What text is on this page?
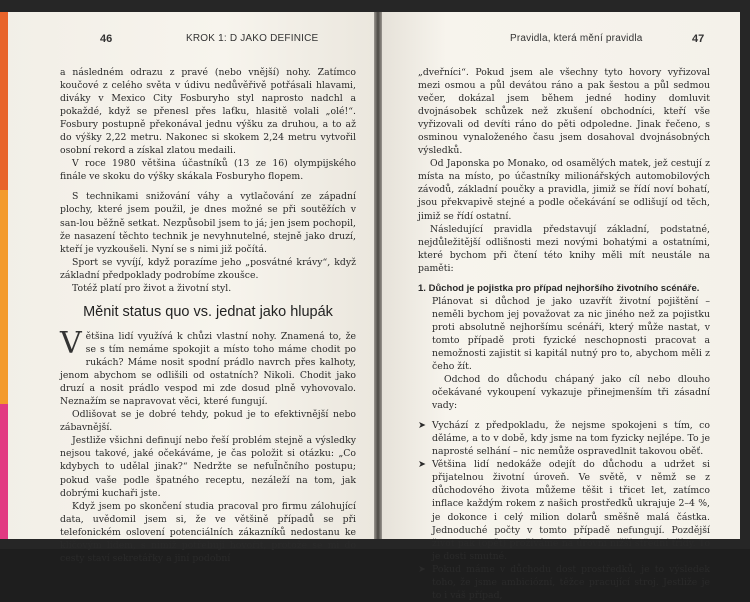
46	KROK 1: D JAKO DEFINICE

a následném odrazu z pravé (nebo vnější) nohy. Zatímco koučové z celého světa v údivu nedůvěřivě potřásali hlavami, diváky v Mexico City Fosburyho styl naprosto nadchl a pokaždé, když se přenesl přes laťku, hlasitě volali „olé!“. Fosbury postupně překonával jednu výšku za druhou, a to až do výšky 2,22 metru. Nakonec si skokem 2,24 metru vytvořil osobní rekord a získal zlatou medaili.

V roce 1980 většina účastníků (13 ze 16) olympijského finále ve skoku do výšky skákala Fosburyho flopem.

S technikami snižování váhy a vytlačování ze západní plochy, které jsem použil, je dnes možné se při soutěžích v san-lou běžně setkat. Nezpůsobil jsem to já; jen jsem pochopil, že nasazení těchto technik je nevyhnutelné, stejně jako druzí, kteří je vyzkoušeli. Nyní se s nimi již počítá.

Sport se vyvíjí, když porazíme jeho „posvátné krávy“, když základní předpoklady podrobíme zkoušce.

Totéž platí pro život a životní styl.

Měnit status quo vs. jednat jako hlupák

Většina lidí využívá k chůzi vlastní nohy. Znamená to, že se s tím nemáme spokojit a místo toho máme chodit po rukách? Máme nosit spodní prádlo navrch přes kalhoty, jenom abychom se odlišili od ostatních? Nikoli. Chodit jako druzí a nosit prádlo vespod mi zde dosud plně vyhovovalo. Neznažím se napravovat věci, které fungují.

Odlišovat se je dobré tehdy, pokud je to efektivnější nebo zábavnější.

Jestliže všichni definují nebo řeší problém stejně a výsledky nejsou takové, jaké očekáváme, je čas položit si otázku: „Co kdybych to udělal jinak?“ Nedržte se neful̈nčního postupu; pokud vaše podle špatného receptu, nezáleží na tom, jak dobrými kuchaři jste.

Když jsem po skončení studia pracoval pro firmu zálohující data, uvědomil jsem si, že ve většině případů se při telefonickém oslovení potenciálních zákazníků nedostanu ke klíčovým lidem, s nimiž potřebuji hovořit, protože se mi do cesty staví sekretářky a jiní podobní

Pravidla, která mění pravidla	47

„dveřníci“. Pokud jsem ale všechny tyto hovory vyřizoval mezi osmou a půl devátou ráno a pak šestou a půl sedmou večer, dokázal jsem během jedné hodiny domluvit dvojnásobek schůzek než zkušení obchodníci, kteří vše vyřizovali od devíti ráno do pěti odpoledne. Jinak řečeno, s osminou vynaloženého času jsem dosahoval dvojnásobných výsledků.

Od Japonska po Monako, od osamělých matek, jež cestují z místa na místo, po účastníky milionářských automobilových závodů, základní poučky a pravidla, jimiž se řídí noví bohatí, jsou překvapivě stejné a podle očekávání se odlišují od těch, jimiž se řídí ostatní.

Následující pravidla představují základní, podstatné, nejdůležitější odlišnosti mezi novými bohatými a ostatními, které bychom při čtení této knihy měli mít neustále na paměti:

1. Důchod je pojistka pro případ nejhoršího životního scénáře.

Plánovat si důchod je jako uzavřít životní pojištění – neměli bychom jej považovat za nic jiného než za pojistku proti absolutně nejhoršímu scénáři, který může nastat, v tomto případě proti fyzické neschopnosti pracovat a nemožnosti zajistit si kapitál nutný pro to, abychom měli z čeho žít.

Odchod do důchodu chápaný jako cíl nebo dlouho očekávané vykoupení vykazuje přinejmenším tři zásadní vady:

➤ Vychází z předpokladu, že nejsme spokojeni s tím, co děláme, a to v době, kdy jsme na tom fyzicky nejlépe. To je naprosté selhání – nic nemůže ospravedlnit takovou oběť.

➤ Většina lidí nedokáže odejít do důchodu a udržet si přijatelnou životní úroveň. Ve světě, v němž se z důchodového života můžeme těšit i třicet let, zatímco inflace každým rokem z našich prostředků ukrajuje 2–4 %, je dokonce i celý milion dolarů směšně malá částka. Jednoduché počty v tomto případě nefungují. Pozdější život pak (opět) prožíváme na úrovni nižší střední třídy. To je dosti smutné.

➤ Pokud máme v důchodu dost prostředků, je to výsledek toho, že jsme ambiciózní, těžce pracující stroj. Jestliže je to i váš případ,
